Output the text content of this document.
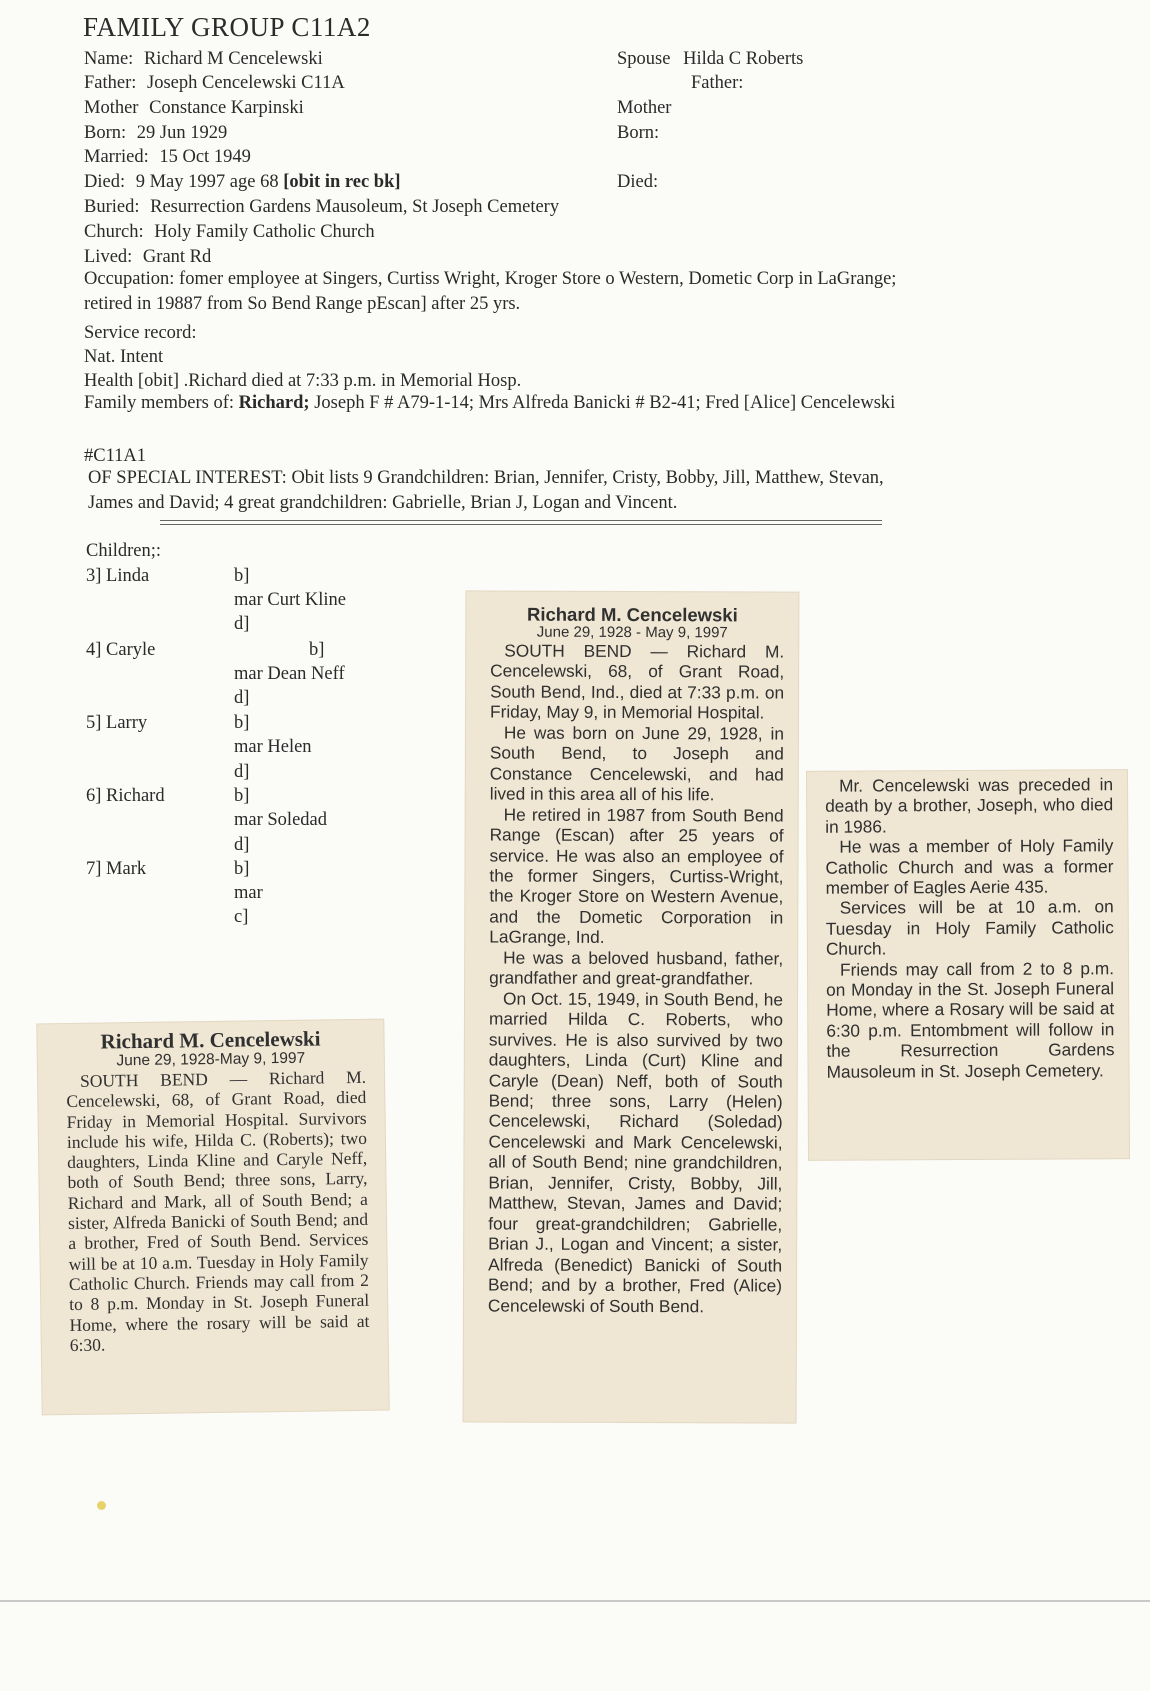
FAMILY GROUP C11A2
Name: Richard M Cencelewski
Father: Joseph Cencelewski C11A
Mother Constance Karpinski
Born: 29 Jun 1929
Married: 15 Oct 1949
Died: 9 May 1997 age 68 [obit in rec bk]
Buried: Resurrection Gardens Mausoleum, St Joseph Cemetery
Church: Holy Family Catholic Church
Lived: Grant Rd
Spouse Hilda C Roberts
Father:
Mother
Born:
Died:
Occupation: fomer employee at Singers, Curtiss Wright, Kroger Store o Western, Dometic Corp in LaGrange; retired in 19887 from So Bend Range pEscan] after 25 yrs.
Service record:
Nat. Intent
Health [obit] .Richard died at 7:33 p.m. in Memorial Hosp.
Family members of: Richard; Joseph F # A79-1-14; Mrs Alfreda Banicki # B2-41; Fred [Alice] Cencelewski
#C11A1
OF SPECIAL INTEREST: Obit lists 9 Grandchildren: Brian, Jennifer, Cristy, Bobby, Jill, Matthew, Stevan, James and David; 4 great grandchildren: Gabrielle, Brian J, Logan and Vincent.
Children;:
3] Linda	b]
mar Curt Kline
d]
4] Caryle	b]
mar Dean Neff
d]
5] Larry	b]
mar Helen
d]
6] Richard	b]
mar Soledad
d]
7] Mark	b]
mar
c]
Richard M. Cencelewski
June 29, 1928-May 9, 1997

SOUTH BEND — Richard M. Cencelewski, 68, of Grant Road, died Friday in Memorial Hospital. Survivors include his wife, Hilda C. (Roberts); two daughters, Linda Kline and Caryle Neff, both of South Bend; three sons, Larry, Richard and Mark, all of South Bend; a sister, Alfreda Banicki of South Bend; and a brother, Fred of South Bend. Services will be at 10 a.m. Tuesday in Holy Family Catholic Church. Friends may call from 2 to 8 p.m. Monday in St. Joseph Funeral Home, where the rosary will be said at 6:30.

Richard M. Cencelewski
June 29, 1928 - May 9, 1997

SOUTH BEND — Richard M. Cencelewski, 68, of Grant Road, South Bend, Ind., died at 7:33 p.m. on Friday, May 9, in Memorial Hospital.

He was born on June 29, 1928, in South Bend, to Joseph and Constance Cencelewski, and had lived in this area all of his life.

He retired in 1987 from South Bend Range (Escan) after 25 years of service. He was also an employee of the former Singers, Curtiss-Wright, the Kroger Store on Western Avenue, and the Dometic Corporation in LaGrange, Ind.

He was a beloved husband, father, grandfather and great-grandfather.

On Oct. 15, 1949, in South Bend, he married Hilda C. Roberts, who survives. He is also survived by two daughters, Linda (Curt) Kline and Caryle (Dean) Neff, both of South Bend; three sons, Larry (Helen) Cencelewski, Richard (Soledad) Cencelewski and Mark Cencelewski, all of South Bend; nine grandchildren, Brian, Jennifer, Cristy, Bobby, Jill, Matthew, Stevan, James and David; four great-grandchildren; Gabrielle, Brian J., Logan and Vincent; a sister, Alfreda (Benedict) Banicki of South Bend; and by a brother, Fred (Alice) Cencelewski of South Bend.

Mr. Cencelewski was preceded in death by a brother, Joseph, who died in 1986.

He was a member of Holy Family Catholic Church and was a former member of Eagles Aerie 435.

Services will be at 10 a.m. on Tuesday in Holy Family Catholic Church.

Friends may call from 2 to 8 p.m. on Monday in the St. Joseph Funeral Home, where a Rosary will be said at 6:30 p.m. Entombment will follow in the Resurrection Gardens Mausoleum in St. Joseph Cemetery.
